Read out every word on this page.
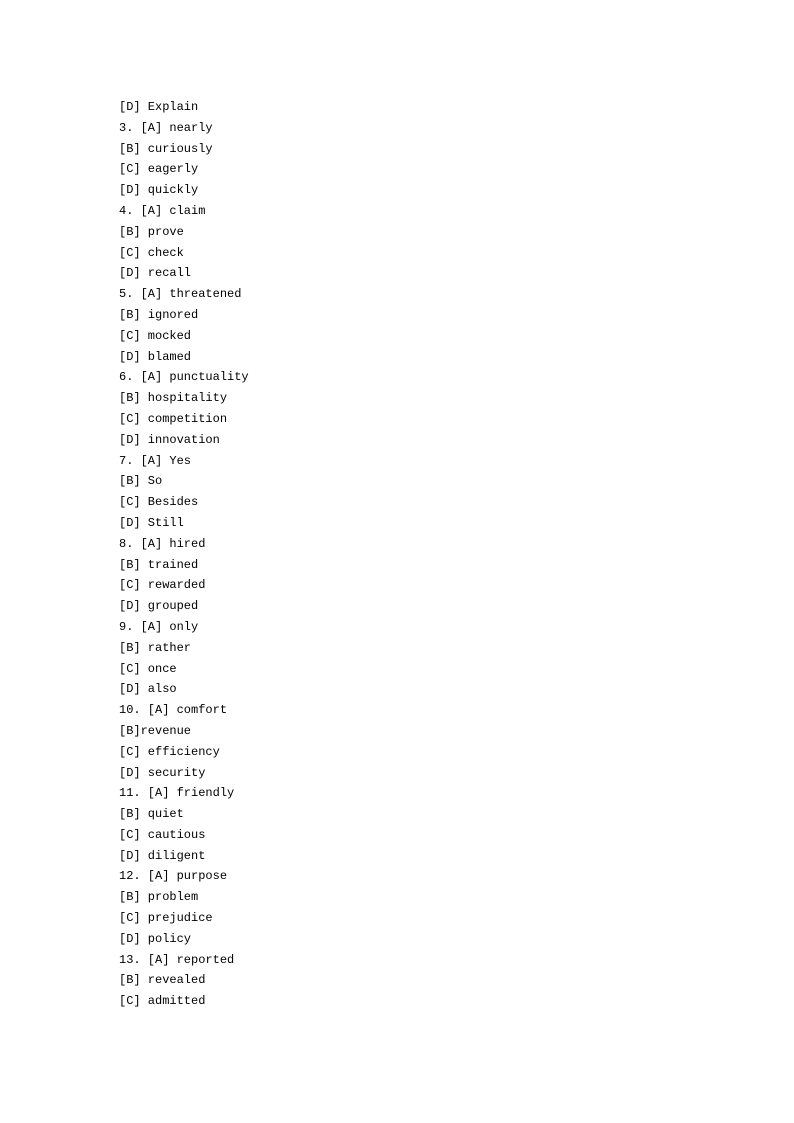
[D] Explain
3. [A] nearly
[B] curiously
[C] eagerly
[D] quickly
4. [A] claim
[B] prove
[C] check
[D] recall
5. [A] threatened
[B] ignored
[C] mocked
[D] blamed
6. [A] punctuality
[B] hospitality
[C] competition
[D] innovation
7. [A] Yes
[B] So
[C] Besides
[D] Still
8. [A] hired
[B] trained
[C] rewarded
[D] grouped
9. [A] only
[B] rather
[C] once
[D] also
10. [A] comfort
[B]revenue
[C] efficiency
[D] security
11. [A] friendly
[B] quiet
[C] cautious
[D] diligent
12. [A] purpose
[B] problem
[C] prejudice
[D] policy
13. [A] reported
[B] revealed
[C] admitted
